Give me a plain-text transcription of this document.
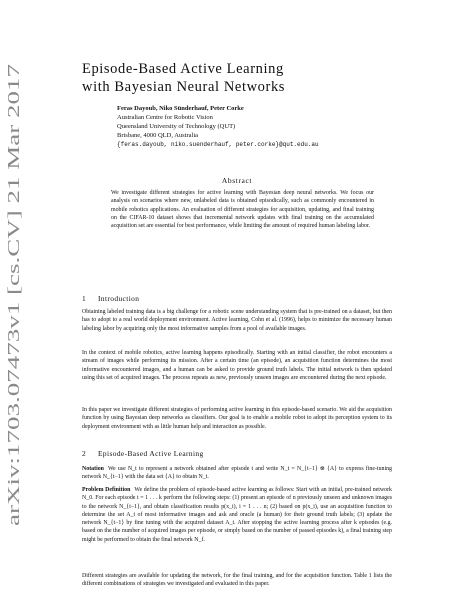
arXiv:1703.07473v1 [cs.CV] 21 Mar 2017
Episode-Based Active Learning
with Bayesian Neural Networks
Feras Dayoub, Niko Sünderhauf, Peter Corke
Australian Centre for Robotic Vision
Queensland University of Technology (QUT)
Brisbane, 4000 QLD, Australia
{feras.dayoub, niko.suenderhauf, peter.corke}@qut.edu.au
Abstract
We investigate different strategies for active learning with Bayesian deep neural networks. We focus our analysis on scenarios where new, unlabeled data is obtained episodically, such as commonly encountered in mobile robotics applications. An evaluation of different strategies for acquisition, updating, and final training on the CIFAR-10 dataset shows that incremental network updates with final training on the accumulated acquisition set are essential for best performance, while limiting the amount of required human labeling labor.
1 Introduction
Obtaining labeled training data is a big challenge for a robotic scene understanding system that is pre-trained on a dataset, but then has to adopt to a real world deployment environment. Active learning, Cohn et al. (1996), helps to minimize the necessary human labeling labor by acquiring only the most informative samples from a pool of available images.
In the context of mobile robotics, active learning happens episodically. Starting with an initial classifier, the robot encounters a stream of images while performing its mission. After a certain time (an episode), an acquisition function determines the most informative encountered images, and a human can be asked to provide ground truth labels. The initial network is then updated using this set of acquired images. The process repeats as new, previously unseen images are encountered during the next episode.
In this paper we investigate different strategies of performing active learning in this episode-based scenario. We aid the acquisition function by using Bayesian deep networks as classifiers. Our goal is to enable a mobile robot to adopt its perception system to its deployment environment with as little human help and interaction as possible.
2 Episode-Based Active Learning
Notation We use N_t to represent a network obtained after episode t and write N_t = N_{t−1} ⊗ {A} to express fine-tuning network N_{t−1} with the data set {A} to obtain N_t.
Problem Definition We define the problem of episode-based active learning as follows: Start with an initial, pre-trained network N_0. For each episode t = 1 . . . k perform the following steps: (1) present an episode of n previously unseen and unknown images to the network N_{t−1}, and obtain classification results p(x_i), i = 1 . . . n; (2) based on p(x_i), use an acquisition function to determine the set A_t of most informative images and ask and oracle (a human) for their ground truth labels; (3) update the network N_{t−1} by fine tuning with the acquired dataset A_t. After stopping the active learning process after k episodes (e.g. based on the the number of acquired images per episode, or simply based on the number of passed episodes k), a final training step might be performed to obtain the final network N_f.
Different strategies are available for updating the network, for the final training, and for the acquisition function. Table 1 lists the different combinations of strategies we investigated and evaluated in this paper.
